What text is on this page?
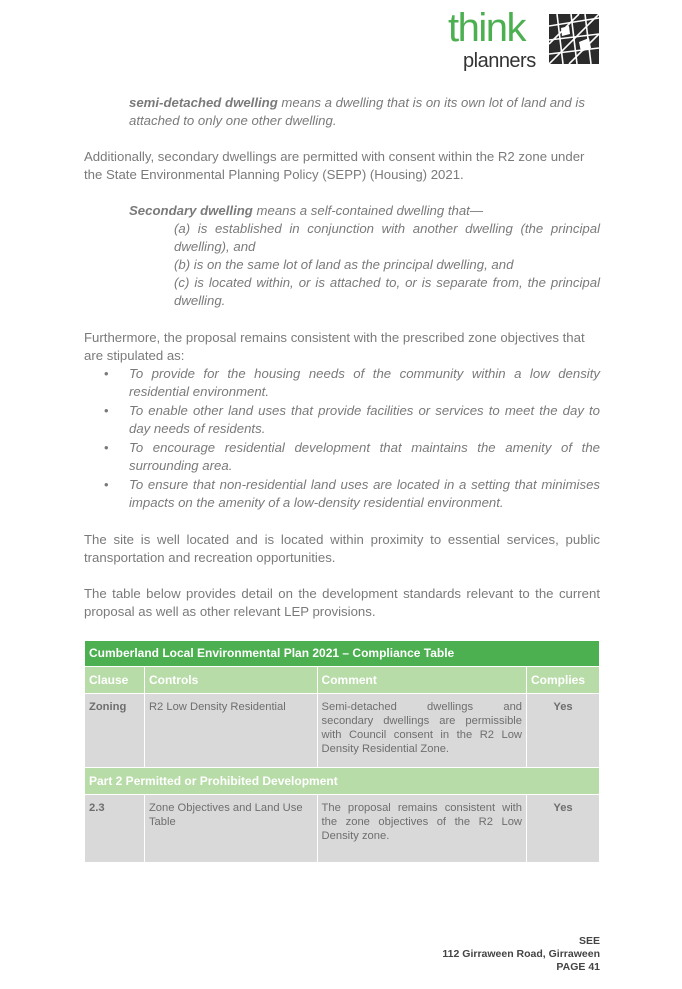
think
planners
semi-detached dwelling means a dwelling that is on its own lot of land and is attached to only one other dwelling.
Additionally, secondary dwellings are permitted with consent within the R2 zone under the State Environmental Planning Policy (SEPP) (Housing) 2021.
Secondary dwelling means a self-contained dwelling that—
(a) is established in conjunction with another dwelling (the principal dwelling), and
(b) is on the same lot of land as the principal dwelling, and
(c) is located within, or is attached to, or is separate from, the principal dwelling.
Furthermore, the proposal remains consistent with the prescribed zone objectives that are stipulated as:
• To provide for the housing needs of the community within a low density residential environment.
• To enable other land uses that provide facilities or services to meet the day to day needs of residents.
• To encourage residential development that maintains the amenity of the surrounding area.
• To ensure that non-residential land uses are located in a setting that minimises impacts on the amenity of a low-density residential environment.
The site is well located and is located within proximity to essential services, public transportation and recreation opportunities.
The table below provides detail on the development standards relevant to the current proposal as well as other relevant LEP provisions.
Cumberland Local Environmental Plan 2021 – Compliance Table			
Clause	Controls	Comment	Complies
Zoning	R2 Low Density Residential	Semi-detached dwellings and secondary dwellings are permissible with Council consent in the R2 Low Density Residential Zone.	Yes
Part 2 Permitted or Prohibited Development			
2.3	Zone Objectives and Land Use Table	The proposal remains consistent with the zone objectives of the R2 Low Density zone.	Yes
SEE
112 Girraween Road, Girraween
PAGE 41
